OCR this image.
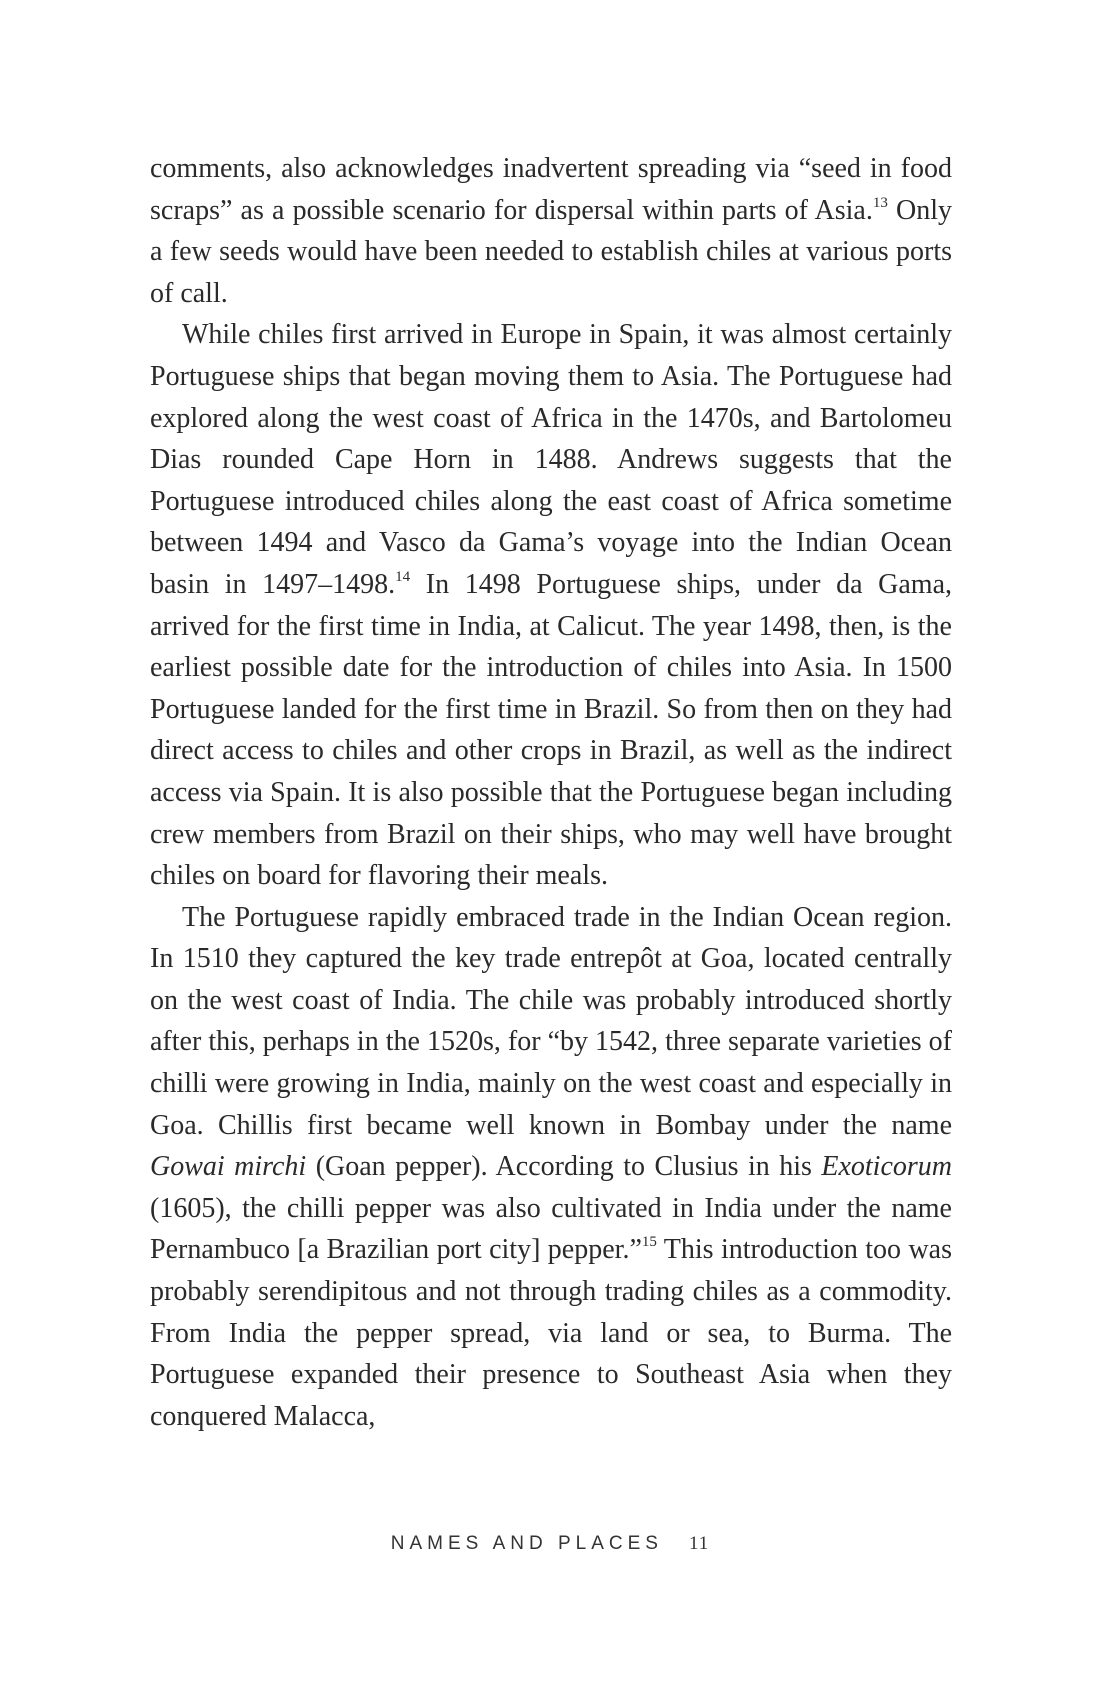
comments, also acknowledges inadvertent spreading via “seed in food scraps” as a possible scenario for dispersal within parts of Asia.$^{13}$ Only a few seeds would have been needed to establish chiles at various ports of call.

While chiles first arrived in Europe in Spain, it was almost certainly Portuguese ships that began moving them to Asia. The Portuguese had explored along the west coast of Africa in the 1470s, and Bartolomeu Dias rounded Cape Horn in 1488. Andrews suggests that the Portuguese introduced chiles along the east coast of Africa sometime between 1494 and Vasco da Gama’s voyage into the Indian Ocean basin in 1497–1498.14 In 1498 Portuguese ships, under da Gama, arrived for the first time in India, at Calicut. The year 1498, then, is the earliest possible date for the introduction of chiles into Asia. In 1500 Portuguese landed for the first time in Brazil. So from then on they had direct access to chiles and other crops in Brazil, as well as the indirect access via Spain. It is also possible that the Portuguese began including crew members from Brazil on their ships, who may well have brought chiles on board for flavoring their meals.

The Portuguese rapidly embraced trade in the Indian Ocean region. In 1510 they captured the key trade entrepôt at Goa, located centrally on the west coast of India. The chile was probably introduced shortly after this, perhaps in the 1520s, for “by 1542, three separate varieties of chilli were growing in India, mainly on the west coast and especially in Goa. Chillis first became well known in Bombay under the name Gowai mirchi (Goan pepper). According to Clusius in his Exoticorum (1605), the chilli pepper was also cultivated in India under the name Pernambuco [a Brazilian port city] pepper.”$^{15}$ This introduction too was probably serendipitous and not through trading chiles as a commodity. From India the pepper spread, via land or sea, to Burma. The Portuguese expanded their presence to Southeast Asia when they conquered Malacca,

NAMES AND PLACES 11
